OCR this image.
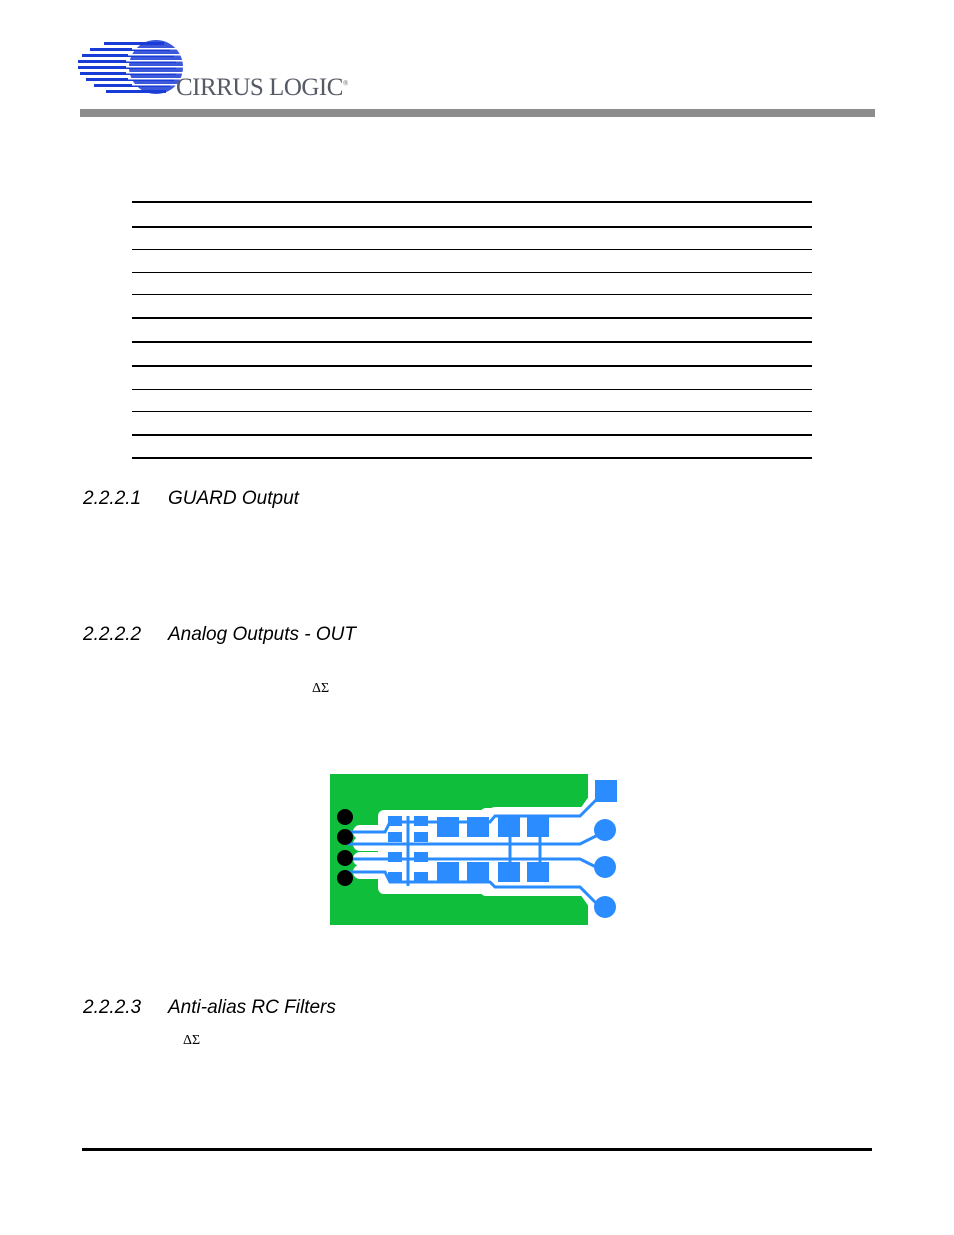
CIRRUS LOGIC®
2.2.2.1 GUARD Output
2.2.2.2 Analog Outputs - OUT
ΔΣ
2.2.2.3 Anti-alias RC Filters
ΔΣ
